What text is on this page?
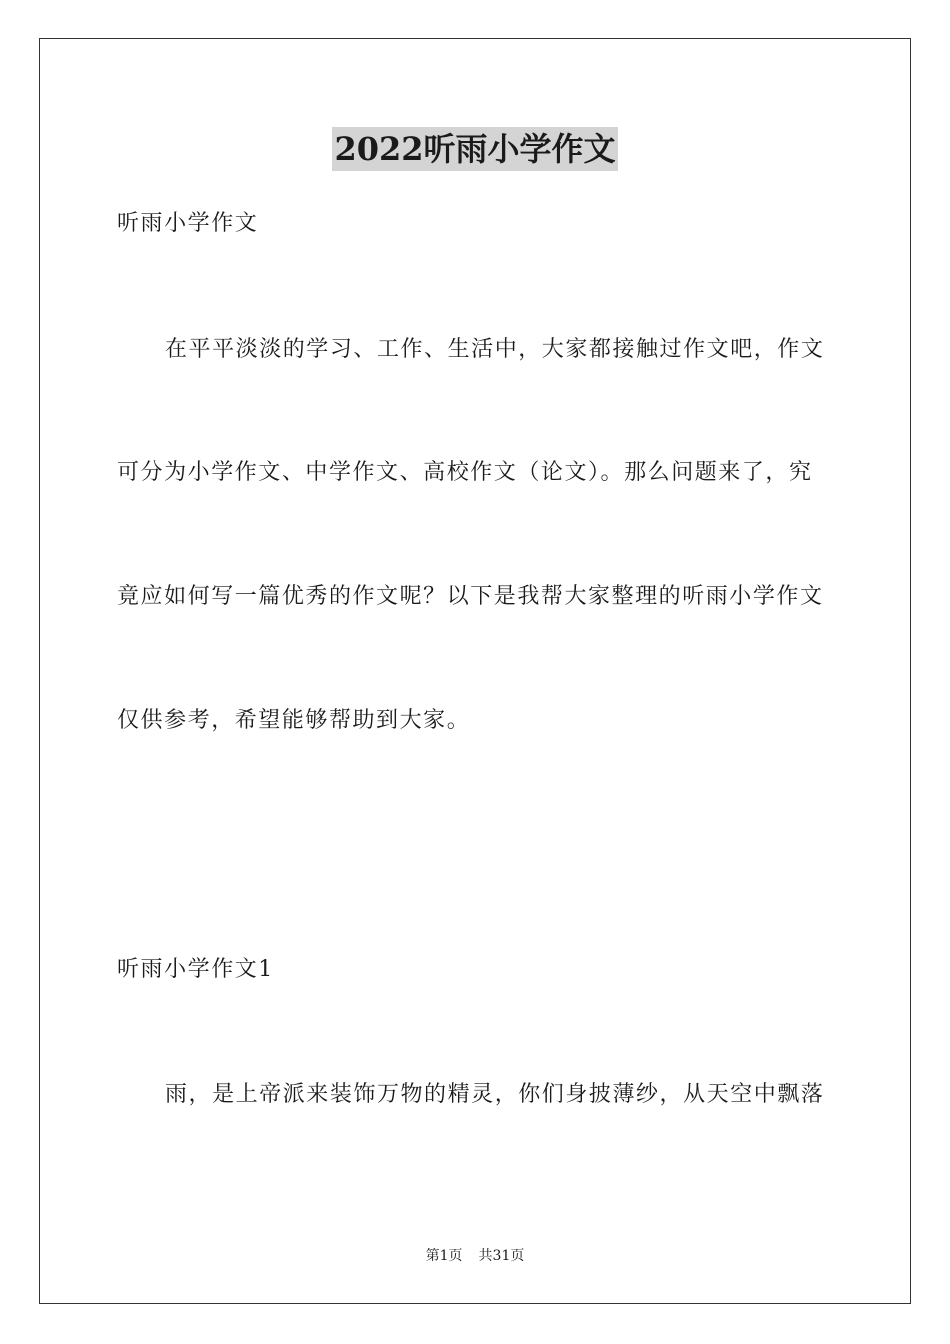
2022听雨小学作文
听雨小学作文
在平平淡淡的学习、工作、生活中，大家都接触过作文吧，作文
可分为小学作文、中学作文、高校作文（论文）。那么问题来了，究
竟应如何写一篇优秀的作文呢？以下是我帮大家整理的听雨小学作文
仅供参考，希望能够帮助到大家。
听雨小学作文1
雨，是上帝派来装饰万物的精灵，你们身披薄纱，从天空中飘落
第1页 共31页
